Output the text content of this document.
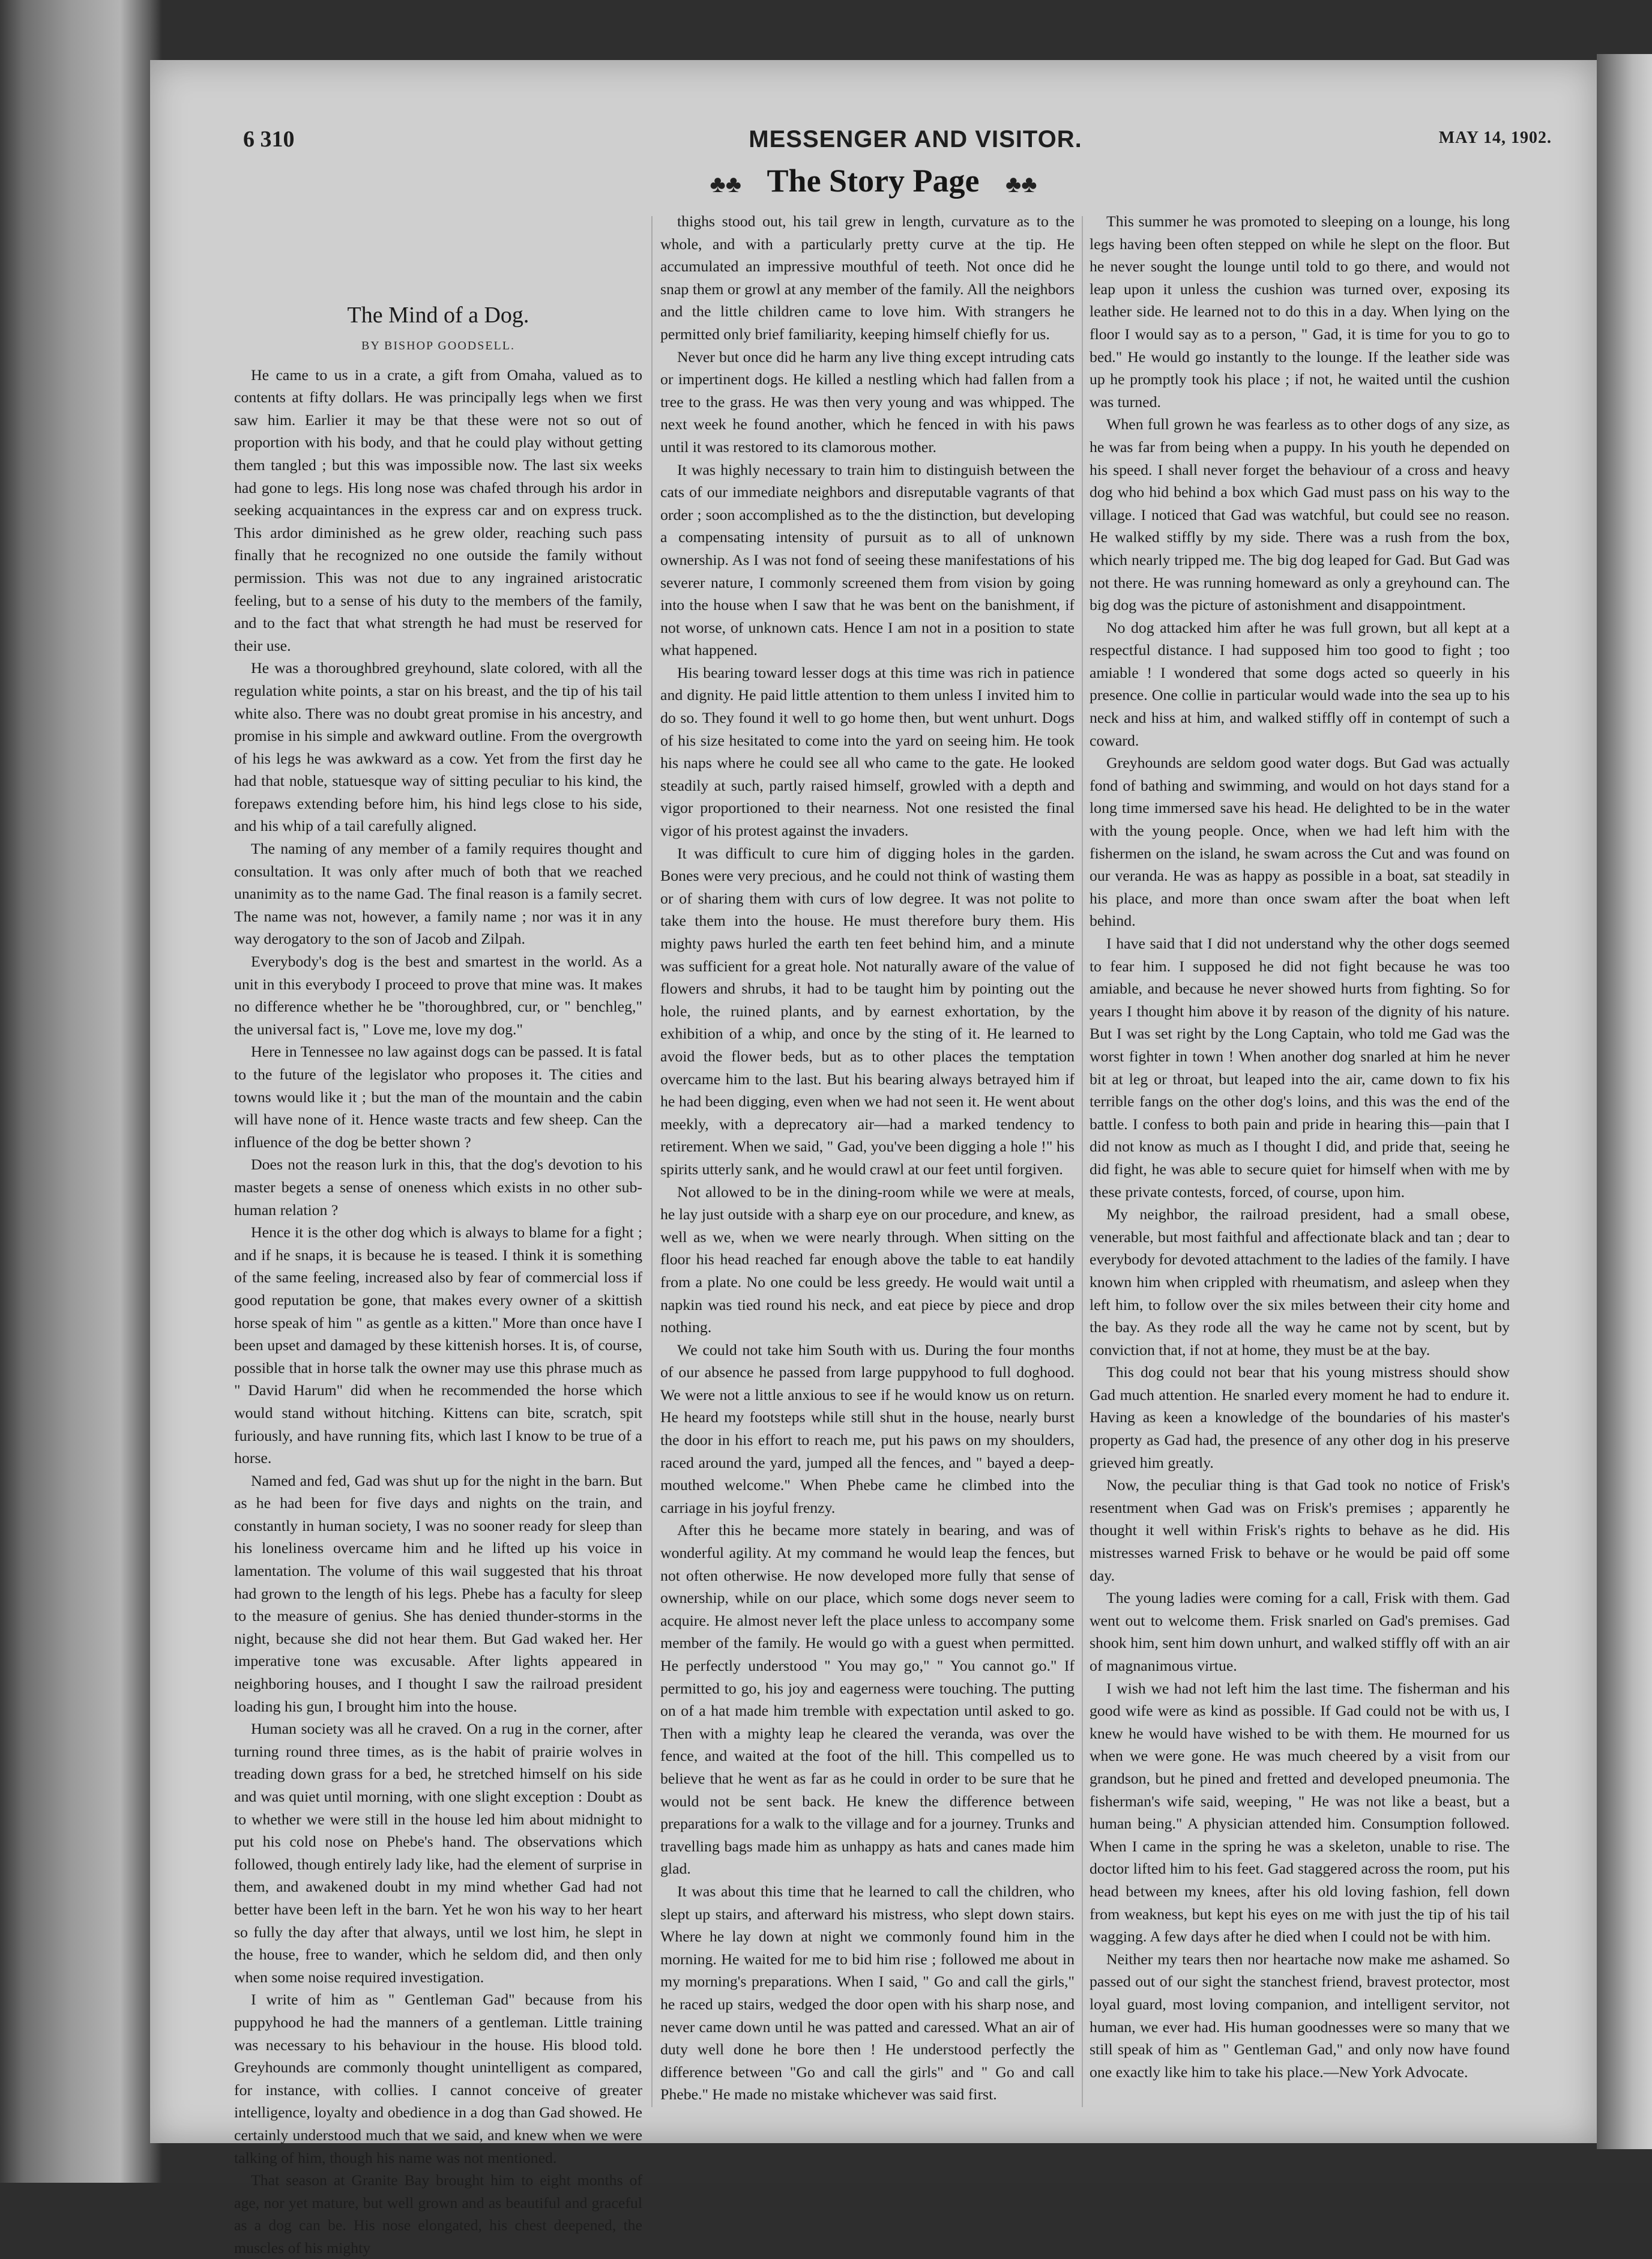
6 310	MESSENGER AND VISITOR.	MAY 14, 1902.
♣​♣ The Story Page ♣​♣
The Mind of a Dog.
BY BISHOP GOODSELL.

He came to us in a crate, a gift from Omaha, valued as to contents at fifty dollars. He was principally legs when we first saw him. Earlier it may be that these were not so out of proportion with his body, and that he could play without getting them tangled ; but this was impossible now. The last six weeks had gone to legs. His long nose was chafed through his ardor in seeking acquaintances in the express car and on express truck. This ardor diminished as he grew older, reaching such pass finally that he recognized no one outside the family without permission. This was not due to any ingrained aristocratic feeling, but to a sense of his duty to the members of the family, and to the fact that what strength he had must be reserved for their use.

He was a thoroughbred greyhound, slate colored, with all the regulation white points, a star on his breast, and the tip of his tail white also. There was no doubt great promise in his ancestry, and promise in his simple and awkward outline. From the overgrowth of his legs he was awkward as a cow. Yet from the first day he had that noble, statuesque way of sitting peculiar to his kind, the forepaws extending before him, his hind legs close to his side, and his whip of a tail carefully aligned.

The naming of any member of a family requires thought and consultation. It was only after much of both that we reached unanimity as to the name Gad. The final reason is a family secret. The name was not, however, a family name ; nor was it in any way derogatory to the son of Jacob and Zilpah.

Everybody's dog is the best and smartest in the world. As a unit in this everybody I proceed to prove that mine was. It makes no difference whether he be "thoroughbred, cur, or " benchleg," the universal fact is, " Love me, love my dog."

Here in Tennessee no law against dogs can be passed. It is fatal to the future of the legislator who proposes it. The cities and towns would like it ; but the man of the mountain and the cabin will have none of it. Hence waste tracts and few sheep. Can the influence of the dog be better shown ?

Does not the reason lurk in this, that the dog's devotion to his master begets a sense of oneness which exists in no other sub-human relation ?

Hence it is the other dog which is always to blame for a fight ; and if he snaps, it is because he is teased. I think it is something of the same feeling, increased also by fear of commercial loss if good reputation be gone, that makes every owner of a skittish horse speak of him " as gentle as a kitten." More than once have I been upset and damaged by these kittenish horses. It is, of course, possible that in horse talk the owner may use this phrase much as " David Harum" did when he recommended the horse which would stand without hitching. Kittens can bite, scratch, spit furiously, and have running fits, which last I know to be true of a horse.

Named and fed, Gad was shut up for the night in the barn. But as he had been for five days and nights on the train, and constantly in human society, I was no sooner ready for sleep than his loneliness overcame him and he lifted up his voice in lamentation. The volume of this wail suggested that his throat had grown to the length of his legs. Phebe has a faculty for sleep to the measure of genius. She has denied thunder-storms in the night, because she did not hear them. But Gad waked her. Her imperative tone was excusable. After lights appeared in neighboring houses, and I thought I saw the railroad president loading his gun, I brought him into the house.

Human society was all he craved. On a rug in the corner, after turning round three times, as is the habit of prairie wolves in treading down grass for a bed, he stretched himself on his side and was quiet until morning, with one slight exception : Doubt as to whether we were still in the house led him about midnight to put his cold nose on Phebe's hand. The observations which followed, though entirely lady like, had the element of surprise in them, and awakened doubt in my mind whether Gad had not better have been left in the barn. Yet he won his way to her heart so fully the day after that always, until we lost him, he slept in the house, free to wander, which he seldom did, and then only when some noise required investigation.

I write of him as " Gentleman Gad" because from his puppyhood he had the manners of a gentleman. Little training was necessary to his behaviour in the house. His blood told. Greyhounds are commonly thought unintelligent as compared, for instance, with collies. I cannot conceive of greater intelligence, loyalty and obedience in a dog than Gad showed. He certainly understood much that we said, and knew when we were talking of him, though his name was not mentioned.

That season at Granite Bay brought him to eight months of age, nor yet mature, but well grown and as beautiful and graceful as a dog can be. His nose elongated, his chest deepened, the muscles of his mighty

thighs stood out, his tail grew in length, curvature as to the whole, and with a particularly pretty curve at the tip. He accumulated an impressive mouthful of teeth. Not once did he snap them or growl at any member of the family. All the neighbors and the little children came to love him. With strangers he permitted only brief familiarity, keeping himself chiefly for us.

Never but once did he harm any live thing except intruding cats or impertinent dogs. He killed a nestling which had fallen from a tree to the grass. He was then very young and was whipped. The next week he found another, which he fenced in with his paws until it was restored to its clamorous mother.

It was highly necessary to train him to distinguish between the cats of our immediate neighbors and disreputable vagrants of that order ; soon accomplished as to the the distinction, but developing a compensating intensity of pursuit as to all of unknown ownership. As I was not fond of seeing these manifestations of his severer nature, I commonly screened them from vision by going into the house when I saw that he was bent on the banishment, if not worse, of unknown cats. Hence I am not in a position to state what happened.

His bearing toward lesser dogs at this time was rich in patience and dignity. He paid little attention to them unless I invited him to do so. They found it well to go home then, but went unhurt. Dogs of his size hesitated to come into the yard on seeing him. He took his naps where he could see all who came to the gate. He looked steadily at such, partly raised himself, growled with a depth and vigor proportioned to their nearness. Not one resisted the final vigor of his protest against the invaders.

It was difficult to cure him of digging holes in the garden. Bones were very precious, and he could not think of wasting them or of sharing them with curs of low degree. It was not polite to take them into the house. He must therefore bury them. His mighty paws hurled the earth ten feet behind him, and a minute was sufficient for a great hole. Not naturally aware of the value of flowers and shrubs, it had to be taught him by pointing out the hole, the ruined plants, and by earnest exhortation, by the exhibition of a whip, and once by the sting of it. He learned to avoid the flower beds, but as to other places the temptation overcame him to the last. But his bearing always betrayed him if he had been digging, even when we had not seen it. He went about meekly, with a deprecatory air—had a marked tendency to retirement. When we said, " Gad, you've been digging a hole !" his spirits utterly sank, and he would crawl at our feet until forgiven.

Not allowed to be in the dining-room while we were at meals, he lay just outside with a sharp eye on our procedure, and knew, as well as we, when we were nearly through. When sitting on the floor his head reached far enough above the table to eat handily from a plate. No one could be less greedy. He would wait until a napkin was tied round his neck, and eat piece by piece and drop nothing.

We could not take him South with us. During the four months of our absence he passed from large puppyhood to full doghood. We were not a little anxious to see if he would know us on return. He heard my footsteps while still shut in the house, nearly burst the door in his effort to reach me, put his paws on my shoulders, raced around the yard, jumped all the fences, and " bayed a deep-mouthed welcome." When Phebe came he climbed into the carriage in his joyful frenzy.

After this he became more stately in bearing, and was of wonderful agility. At my command he would leap the fences, but not often otherwise. He now developed more fully that sense of ownership, while on our place, which some dogs never seem to acquire. He almost never left the place unless to accompany some member of the family. He would go with a guest when permitted. He perfectly understood " You may go," " You cannot go." If permitted to go, his joy and eagerness were touching. The putting on of a hat made him tremble with expectation until asked to go. Then with a mighty leap he cleared the veranda, was over the fence, and waited at the foot of the hill. This compelled us to believe that he went as far as he could in order to be sure that he would not be sent back. He knew the difference between preparations for a walk to the village and for a journey. Trunks and travelling bags made him as unhappy as hats and canes made him glad.

It was about this time that he learned to call the children, who slept up stairs, and afterward his mistress, who slept down stairs. Where he lay down at night we commonly found him in the morning. He waited for me to bid him rise ; followed me about in my morning's preparations. When I said, " Go and call the girls," he raced up stairs, wedged the door open with his sharp nose, and never came down until he was patted and caressed. What an air of duty well done he bore then ! He understood perfectly the difference between "Go and call the girls" and " Go and call Phebe." He made no mistake whichever was said first.

This summer he was promoted to sleeping on a lounge, his long legs having been often stepped on while he slept on the floor. But he never sought the lounge until told to go there, and would not leap upon it unless the cushion was turned over, exposing its leather side. He learned not to do this in a day. When lying on the floor I would say as to a person, " Gad, it is time for you to go to bed." He would go instantly to the lounge. If the leather side was up he promptly took his place ; if not, he waited until the cushion was turned.

When full grown he was fearless as to other dogs of any size, as he was far from being when a puppy. In his youth he depended on his speed. I shall never forget the behaviour of a cross and heavy dog who hid behind a box which Gad must pass on his way to the village. I noticed that Gad was watchful, but could see no reason. He walked stiffly by my side. There was a rush from the box, which nearly tripped me. The big dog leaped for Gad. But Gad was not there. He was running homeward as only a greyhound can. The big dog was the picture of astonishment and disappointment.

No dog attacked him after he was full grown, but all kept at a respectful distance. I had supposed him too good to fight ; too amiable ! I wondered that some dogs acted so queerly in his presence. One collie in particular would wade into the sea up to his neck and hiss at him, and walked stiffly off in contempt of such a coward.

Greyhounds are seldom good water dogs. But Gad was actually fond of bathing and swimming, and would on hot days stand for a long time immersed save his head. He delighted to be in the water with the young people. Once, when we had left him with the fishermen on the island, he swam across the Cut and was found on our veranda. He was as happy as possible in a boat, sat steadily in his place, and more than once swam after the boat when left behind.

I have said that I did not understand why the other dogs seemed to fear him. I supposed he did not fight because he was too amiable, and because he never showed hurts from fighting. So for years I thought him above it by reason of the dignity of his nature. But I was set right by the Long Captain, who told me Gad was the worst fighter in town ! When another dog snarled at him he never bit at leg or throat, but leaped into the air, came down to fix his terrible fangs on the other dog's loins, and this was the end of the battle. I confess to both pain and pride in hearing this—pain that I did not know as much as I thought I did, and pride that, seeing he did fight, he was able to secure quiet for himself when with me by these private contests, forced, of course, upon him.

My neighbor, the railroad president, had a small obese, venerable, but most faithful and affectionate black and tan ; dear to everybody for devoted attachment to the ladies of the family. I have known him when crippled with rheumatism, and asleep when they left him, to follow over the six miles between their city home and the bay. As they rode all the way he came not by scent, but by conviction that, if not at home, they must be at the bay.

This dog could not bear that his young mistress should show Gad much attention. He snarled every moment he had to endure it. Having as keen a knowledge of the boundaries of his master's property as Gad had, the presence of any other dog in his preserve grieved him greatly.

Now, the peculiar thing is that Gad took no notice of Frisk's resentment when Gad was on Frisk's premises ; apparently he thought it well within Frisk's rights to behave as he did. His mistresses warned Frisk to behave or he would be paid off some day.

The young ladies were coming for a call, Frisk with them. Gad went out to welcome them. Frisk snarled on Gad's premises. Gad shook him, sent him down unhurt, and walked stiffly off with an air of magnanimous virtue.

I wish we had not left him the last time. The fisherman and his good wife were as kind as possible. If Gad could not be with us, I knew he would have wished to be with them. He mourned for us when we were gone. He was much cheered by a visit from our grandson, but he pined and fretted and developed pneumonia. The fisherman's wife said, weeping, " He was not like a beast, but a human being." A physician attended him. Consumption followed. When I came in the spring he was a skeleton, unable to rise. The doctor lifted him to his feet. Gad staggered across the room, put his head between my knees, after his old loving fashion, fell down from weakness, but kept his eyes on me with just the tip of his tail wagging. A few days after he died when I could not be with him.

Neither my tears then nor heartache now make me ashamed. So passed out of our sight the stanchest friend, bravest protector, most loyal guard, most loving companion, and intelligent servitor, not human, we ever had. His human goodnesses were so many that we still speak of him as " Gentleman Gad," and only now have found one exactly like him to take his place.—New York Advocate.
